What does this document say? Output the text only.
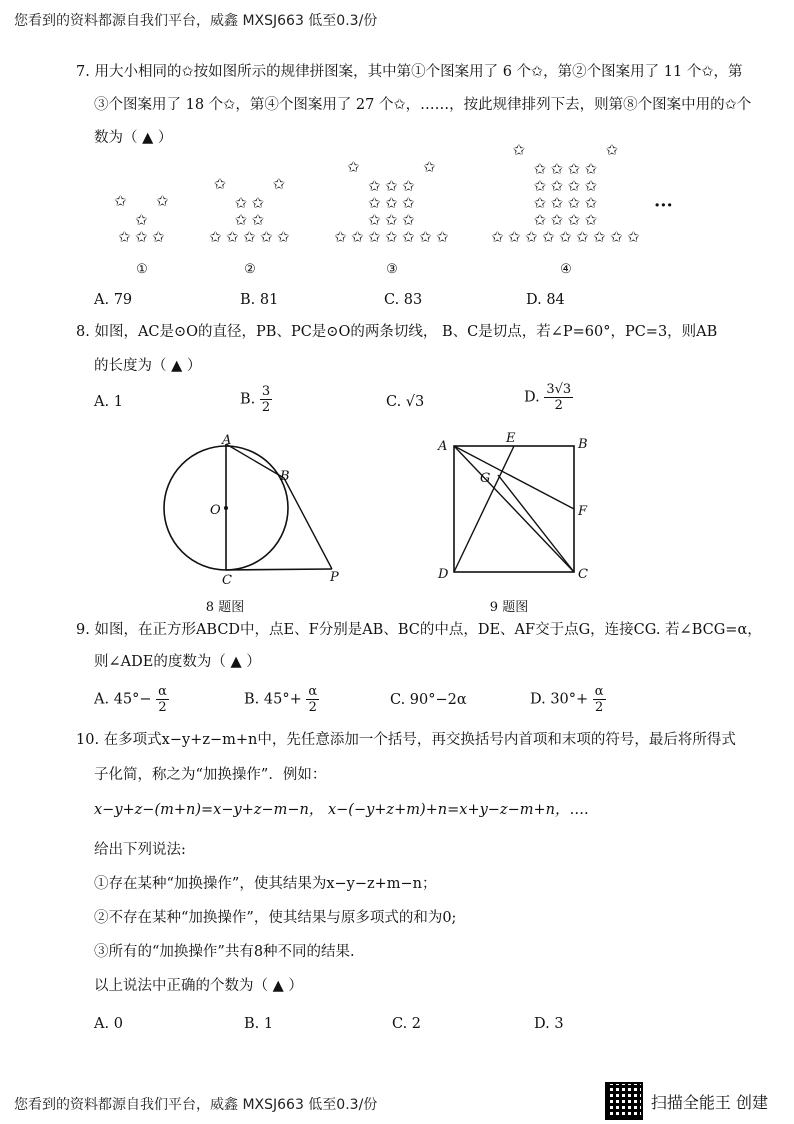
您看到的资料都源自我们平台，威鑫 MXSJ663 低至0.3/份
7. 用大小相同的✩按如图所示的规律拼图案，其中第①个图案用了 6 个✩，第②个图案用了 11 个✩，第
③个图案用了 18 个✩，第④个图案用了 27 个✩，……，按此规律排列下去，则第⑧个图案中用的✩个
数为（ ▲ ）
✩ ✩ ✩
✩
✩ ✩
✩ ✩ ✩ ✩ ✩
✩ ✩
✩ ✩
✩	✩
✩ ✩ ✩ ✩ ✩ ✩ ✩
✩ ✩ ✩
✩ ✩ ✩
✩ ✩ ✩
✩	✩
✩ ✩ ✩ ✩ ✩ ✩ ✩ ✩ ✩
✩ ✩ ✩ ✩
✩ ✩ ✩ ✩
✩ ✩ ✩ ✩
✩ ✩ ✩ ✩
✩	✩
①	②	③	④
···
A. 79	B. 81	C. 83	D. 84
8. 如图，AC是⊙O的直径，PB、PC是⊙O的两条切线， B、C是切点，若∠P=60°，PC=3，则AB
的长度为（ ▲ ）
A. 1	B. $\frac{3}{2}$	C. √3	D. $\frac{3√3}{2}$
A
B
O
C	P
8 题图
A
E	B
G
F
D	C
9 题图
9. 如图，在正方形ABCD中，点E、F分别是AB、BC的中点，DE、AF交于点G，连接CG. 若∠BCG=α，
则∠ADE的度数为（ ▲ ）
A. $45^\circ- \frac{\alpha}{2}$	B. $45^\circ+ \frac{\alpha}{2}$	C. 90°−2α	D. $30^\circ+ \frac{\alpha}{2}$
10. 在多项式x−y+z−m+n中，先任意添加一个括号，再交换括号内首项和末项的符号，最后将所得式
子化简，称之为“加换操作”．例如：
x−y+z−(m+n)=x−y+z−m−n， x−(−y+z+m)+n=x+y−z−m+n，….
给出下列说法:
①存在某种“加换操作”，使其结果为x−y−z+m−n；
②不存在某种“加换操作”，使其结果与原多项式的和为0;
③所有的“加换操作”共有8种不同的结果.
以上说法中正确的个数为（ ▲ ）
A. 0	B. 1	C. 2	D. 3
您看到的资料都源自我们平台，威鑫 MXSJ663 低至0.3/份	扫描全能王 创建
